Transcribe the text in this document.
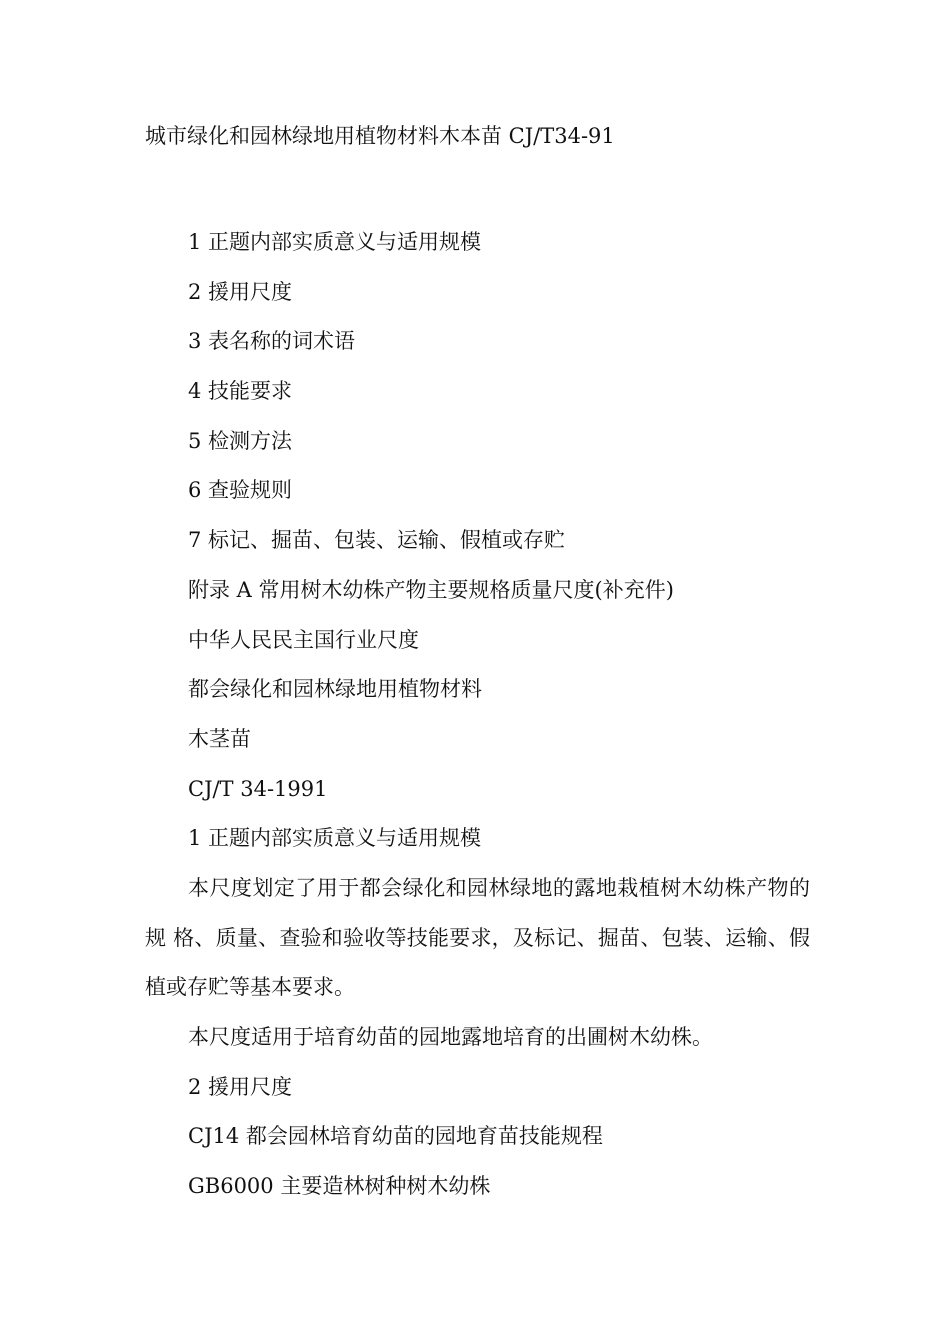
城市绿化和园林绿地用植物材料木本苗 CJ/T34-91
1 正题内部实质意义与适用规模
2 援用尺度
3 表名称的词术语
4 技能要求
5 检测方法
6 查验规则
7 标记、掘苗、包装、运输、假植或存贮
附录 A 常用树木幼株产物主要规格质量尺度(补充件)
中华人民民主国行业尺度
都会绿化和园林绿地用植物材料
木茎苗
CJ/T 34-1991
1 正题内部实质意义与适用规模
本尺度划定了用于都会绿化和园林绿地的露地栽植树木幼株产物的规 格、质量、查验和验收等技能要求，及标记、掘苗、包装、运输、假植或存贮等基本要求。
本尺度适用于培育幼苗的园地露地培育的出圃树木幼株。
2 援用尺度
CJ14 都会园林培育幼苗的园地育苗技能规程
GB6000 主要造林树种树木幼株
